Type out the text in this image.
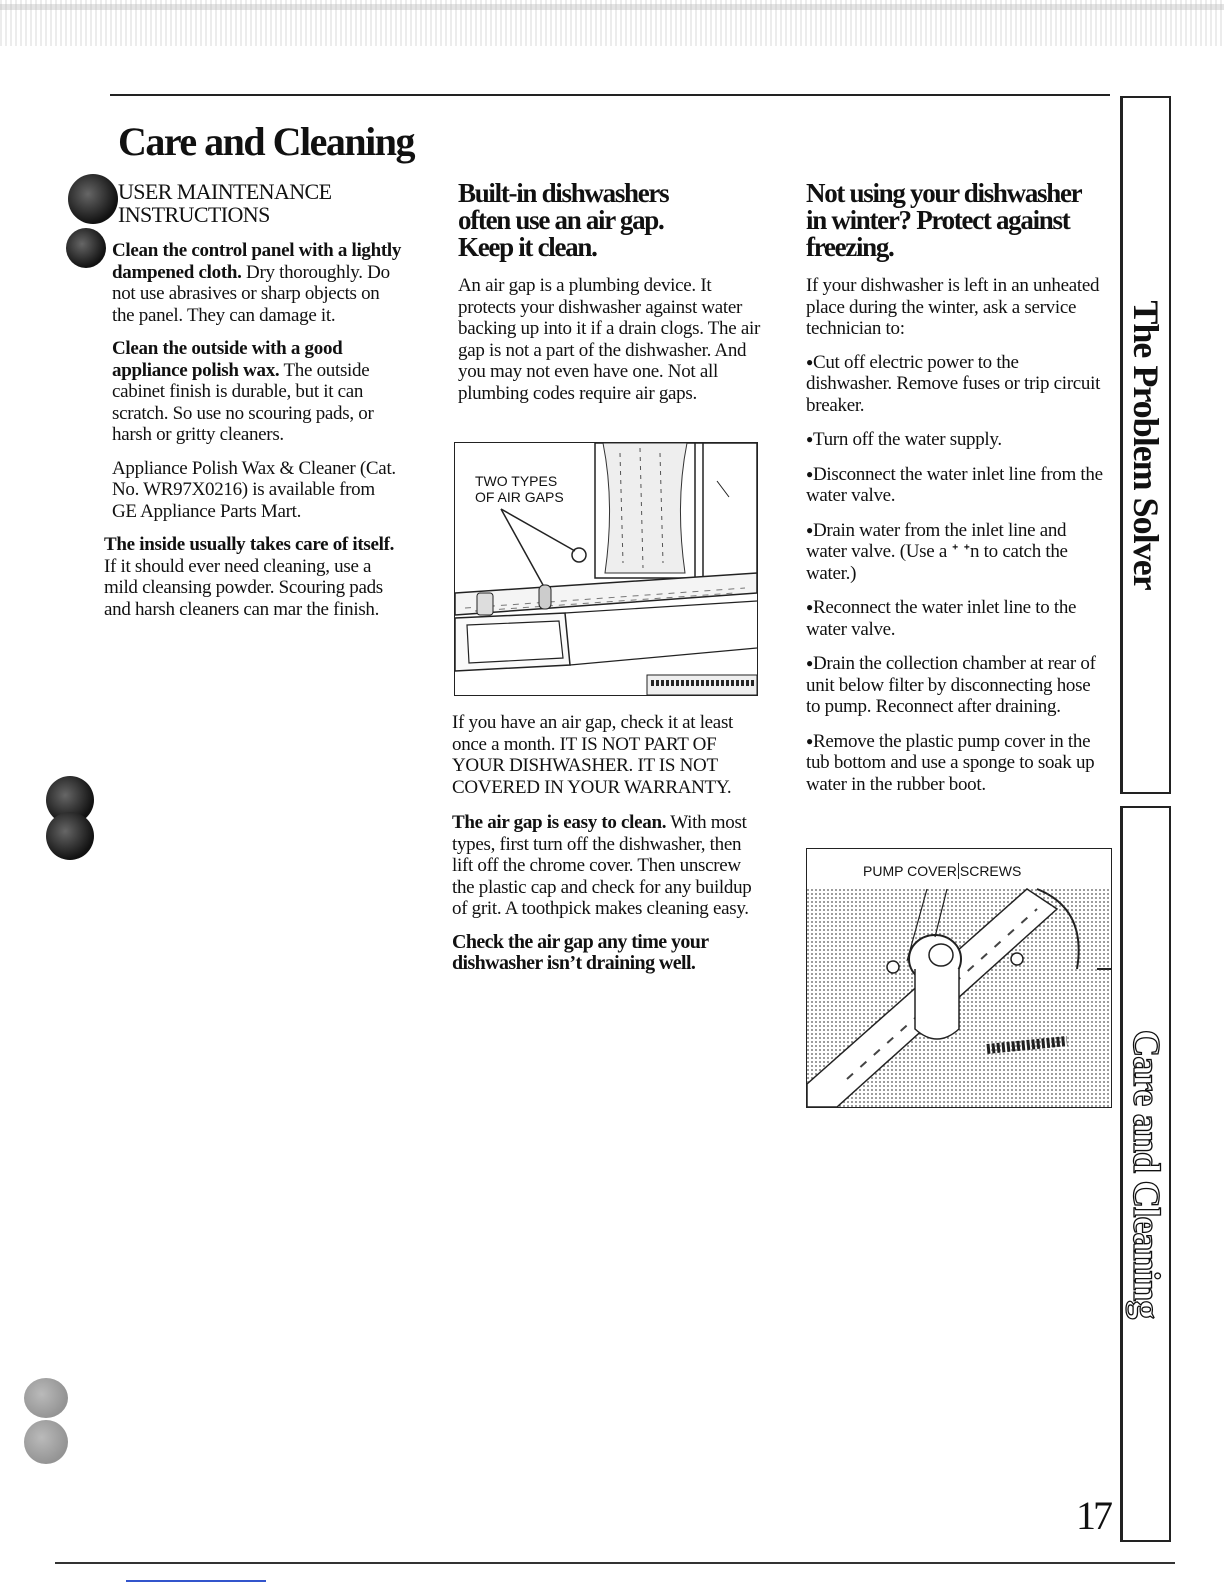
Care and Cleaning

USER MAINTENANCE

INSTRUCTIONS

Clean the control panel with a lightly dampened cloth. Dry thoroughly. Do not use abrasives or sharp objects on the panel. They can damage it.

Clean the outside with a good appliance polish wax. The outside cabinet finish is durable, but it can scratch. So use no scouring pads, or harsh or gritty cleaners.

Appliance Polish Wax & Cleaner (Cat. No. WR97X0216) is available from GE Appliance Parts Mart.

The inside usually takes care of itself. If it should ever need cleaning, use a mild cleansing powder. Scouring pads and harsh cleaners can mar the finish.

Built-in dishwashers
often use an air gap.
Keep it clean.

An air gap is a plumbing device. It protects your dishwasher against water backing up into it if a drain clogs. The air gap is not a part of the dishwasher. And you may not even have one. Not all plumbing codes require air gaps.

TWO TYPES
OF AIR GAPS

If you have an air gap, check it at least once a month. IT IS NOT PART OF YOUR DISHWASHER. IT IS NOT COVERED IN YOUR WARRANTY.

The air gap is easy to clean. With most types, first turn off the dishwasher, then lift off the chrome cover. Then unscrew the plastic cap and check for any buildup of grit. A toothpick makes cleaning easy.

Check the air gap any time your dishwasher isn’t draining well.

Not using your dishwasher
in winter? Protect against
freezing.

If your dishwasher is left in an unheated place during the winter, ask a service technician to:

● Cut off electric power to the dishwasher. Remove fuses or trip circuit breaker.
● Turn off the water supply.
● Disconnect the water inlet line from the water valve.
● Drain water from the inlet line and water valve. (Use a ᐩ ᐩn to catch the water.)
● Reconnect the water inlet line to the water valve.
● Drain the collection chamber at rear of unit below filter by disconnecting hose to pump. Reconnect after draining.
● Remove the plastic pump cover in the tub bottom and use a sponge to soak up water in the rubber boot.
PUMP COVER SCREWS
The Problem Solver
Care and Cleaning
17
